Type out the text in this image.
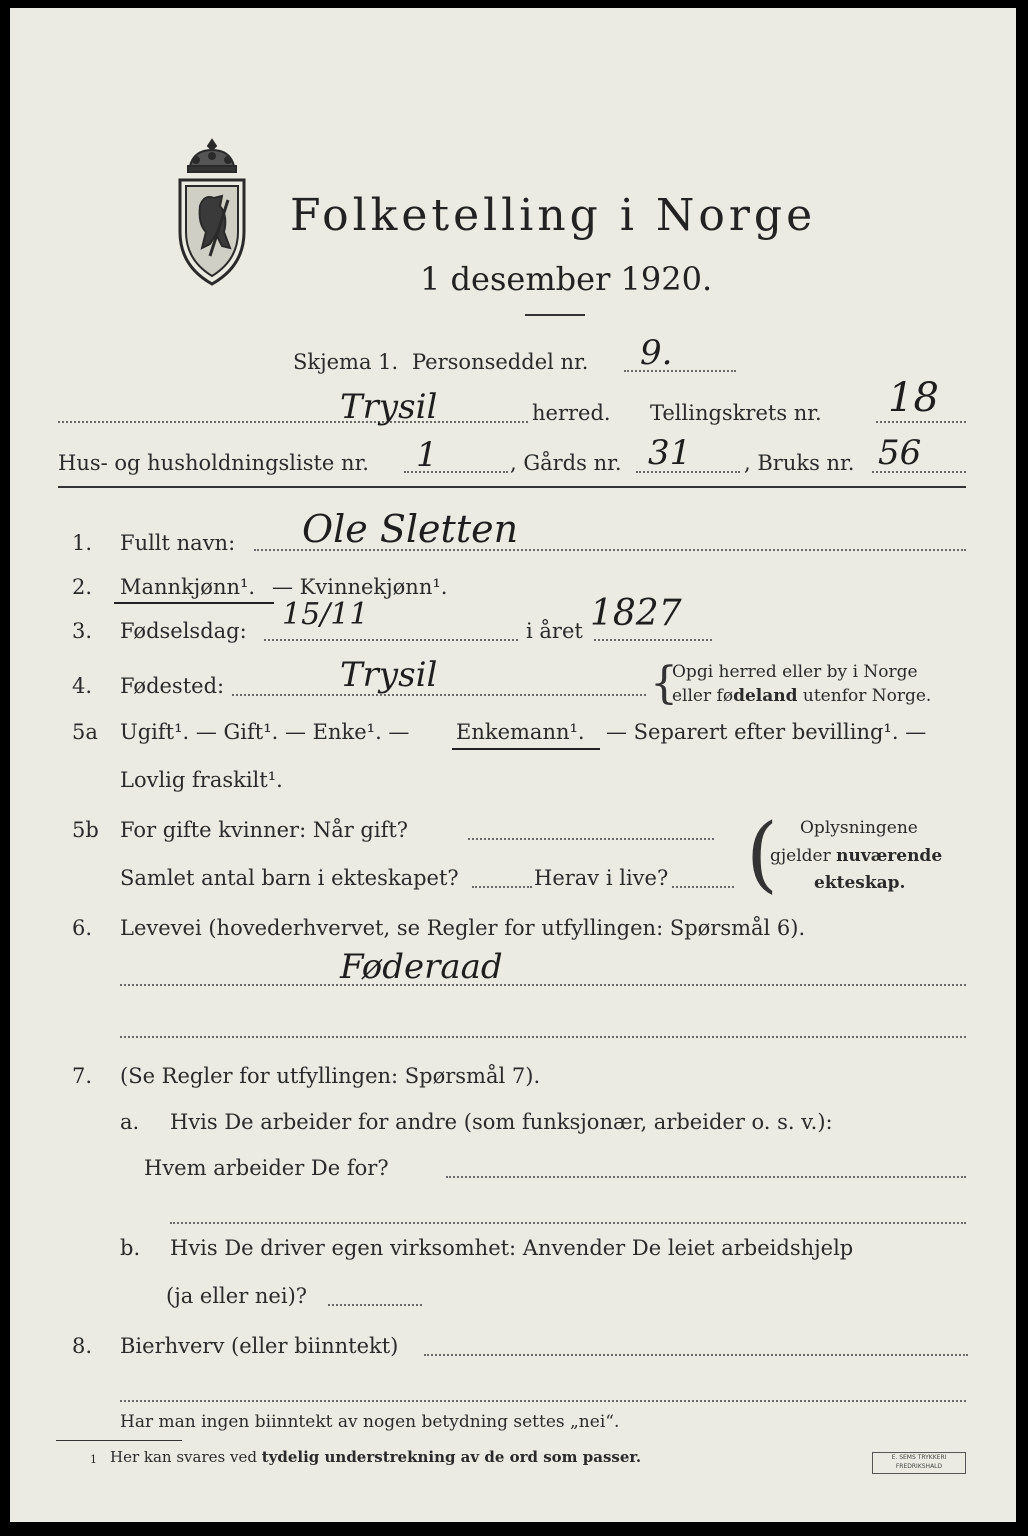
Folketelling i Norge
1 desember 1920.
Skjema 1. Personseddel nr. 9.
Trysil	herred. Tellingskrets nr. 18
Hus- og husholdningsliste nr. 1	, Gårds nr. 31	, Bruks nr. 56
1. Fullt navn: Ole Sletten
2. Mannkjønn¹. — Kvinnekjønn¹.
3. Fødselsdag: 15/11	i året 1827
4. Fødested:	Trysil	{
Opgi herred eller by i Norge
eller fødeland utenfor Norge.
5a Ugift¹. — Gift¹. — Enke¹. — Enkemann¹. — Separert efter bevilling¹. —
Lovlig fraskilt¹.
5b For gifte kvinner: Når gift?
Samlet antal barn i ekteskapet?	Herav i live? ( Oplysningene
gjelder nuværende
ekteskap.
6. Levevei (hovederhvervet, se Regler for utfyllingen: Spørsmål 6).
Føderaad
7. (Se Regler for utfyllingen: Spørsmål 7).
a. Hvis De arbeider for andre (som funksjonær, arbeider o. s. v.):
Hvem arbeider De for?
b. Hvis De driver egen virksomhet: Anvender De leiet arbeidshjelp
(ja eller nei)?
8. Bierhverv (eller biinntekt)
Har man ingen biinntekt av nogen betydning settes „nei“.
1 Her kan svares ved tydelig understrekning av de ord som passer.	E. SEMS TRYKKERI
FREDRIKSHALD
